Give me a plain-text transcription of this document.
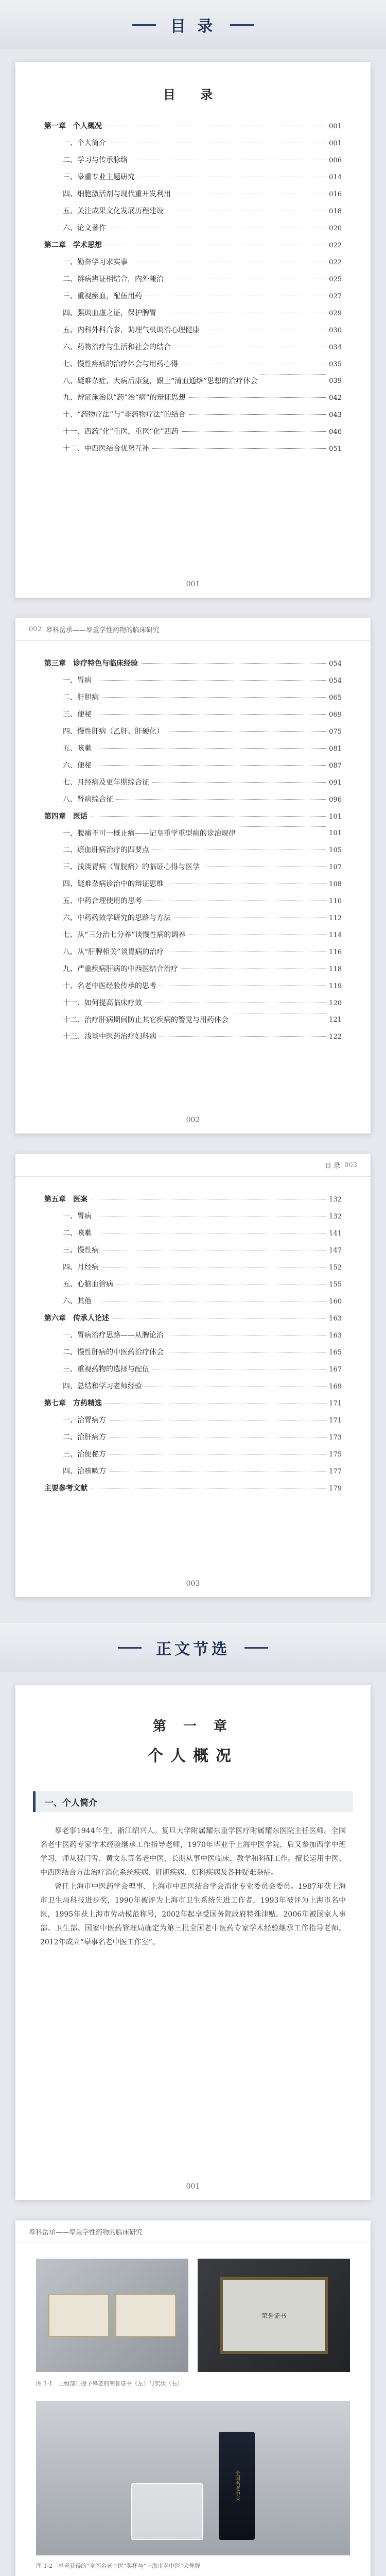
目 录
目 录
第一章　个人概况	001
一、个人简介	001
二、学习与传承脉络	006
三、皋重专业主题研究	014
四、细胞激活剂与现代重开发利用	016
五、关注成果文化发展历程建设	018
六、论文著作	020
第二章　学术思想	022
一、勤奋学习求实事	022
二、辨病辨证相结合，内外兼治	025
三、重视瘀血，配伍用药	027
四、强调血虚之证，保护脾胃	029
五、内科外科合参，调理气机调治心理健康	030
六、药物治疗与生活和社会的结合	034
七、慢性疼痛的治疗体会与用药心得	035
八、疑难杂症、大病后康复，跟上“清血通络”思想的治疗体会	039
九、辨证施治以“药”治“病”的辩证思想	042
十、“药物疗法”与“非药物疗法”的结合	043
十一、西药“化”重医，重医“化”西药	046
十二、中西医结合优势互补	051
001
002 皋科岳承——皋重学性药物的临床研究
第三章　诊疗特色与临床经验	054
一、胃病	054
二、肝胆病	065
三、便秘	069
四、慢性肝病（乙肝、肝硬化）	075
五、咳嗽	081
六、便秘	087
七、月经病及更年期综合征	091
八、肾病综合征	096
第四章　医话	101
一、腹痛不可一概止痛——记皇重学重型病的诊治规律	101
二、瘀血肝病治疗的四要点	105
三、浅谈胃病（胃脘痛）的临证心得与医学	107
四、疑难杂病诊治中的辩证思维	108
五、中药合理使用的思考	110
六、中药药效学研究的思路与方法	112
七、从“三分治七分养”谈慢性病的调养	114
八、从“肝脾相关”谈胃病的治疗	116
九、严重疾病肝病的中西医结合治疗	118
十、名老中医经验传承的思考	119
十一、如何提高临床疗效	120
十二、治疗肝病期间防止其它疾病的警觉与用药体会	121
十三、浅谈中医药治疗妇科病	122
002
目 录 003
第五章　医案	132
一、胃病	132
二、咳嗽	141
三、慢性病	147
四、月经病	152
五、心脑血管病	155
六、其他	160
第六章　传承人论述	163
一、胃病治疗思路——从脾论治	163
二、慢性肝病的中医药治疗体会	165
三、重视药物的选择与配伍	167
四、总结和学习老师经验	169
第七章　方药精选	171
一、治胃病方	171
二、治肝病方	173
三、治便秘方	175
四、治咳嗽方	177
主要参考文献	179
003
正文节选
第 一 章
个人概况
一、个人简介

皋老事1944年生，浙江绍兴人。复旦大学附属耀东重学医疗附属耀东医院主任医师。全国名老中医药专家学术经验继承工作指导老师，1970年毕业于上海中医学院，后又参加西学中班学习，师从程门雪、黄文东等名老中医，长期从事中医临床、教学和科研工作。擅长运用中医、中西医结合方法治疗消化系统疾病、肝胆疾病、妇科疾病及各种疑难杂症。

曾任上海市中医药学会理事、上海市中西医结合学会消化专业委员会委员。1987年获上海市卫生局科技进步奖，1990年被评为上海市卫生系统先进工作者，1993年被评为上海市名中医，1995年获上海市劳动模范称号，2002年起享受国务院政府特殊津贴。2006年被国家人事部、卫生部、国家中医药管理局确定为第三批全国老中医药专家学术经验继承工作指导老师。2012年成立“皋事名老中医工作室”。

001
皋科岳承——皋重学性药物的临床研究
荣誉证书
图 1-1　上级部门授予皋老的荣誉证书（左）与奖状（右）
全国名老中医
图 1-2　皋老获得的“全国名老中医”奖杯与“上海市名中医”荣誉牌
